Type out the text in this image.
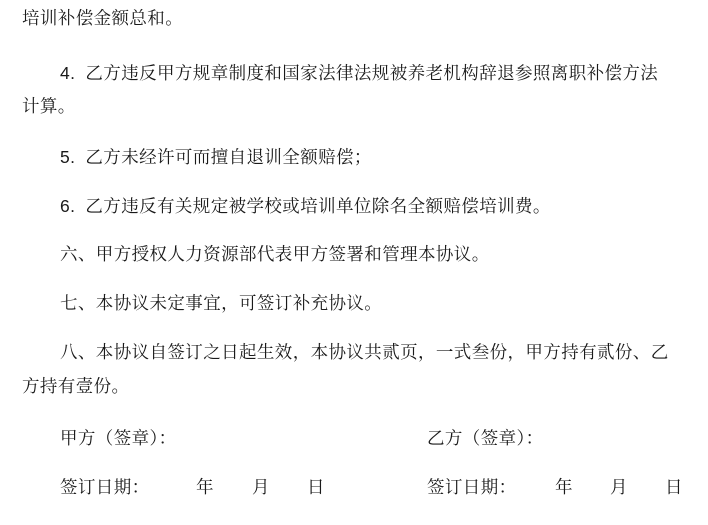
培训补偿金额总和。
4. 乙方违反甲方规章制度和国家法律法规被养老机构辞退参照离职补偿方法
计算。
5. 乙方未经许可而擅自退训全额赔偿；
6. 乙方违反有关规定被学校或培训单位除名全额赔偿培训费。
六、甲方授权人力资源部代表甲方签署和管理本协议。
七、本协议未定事宜，可签订补充协议。
八、本协议自签订之日起生效，本协议共贰页，一式叁份，甲方持有贰份、乙
方持有壹份。
甲方（签章）：	乙方（签章）：
签订日期：	年 月 日	签订日期： 年 月 日
